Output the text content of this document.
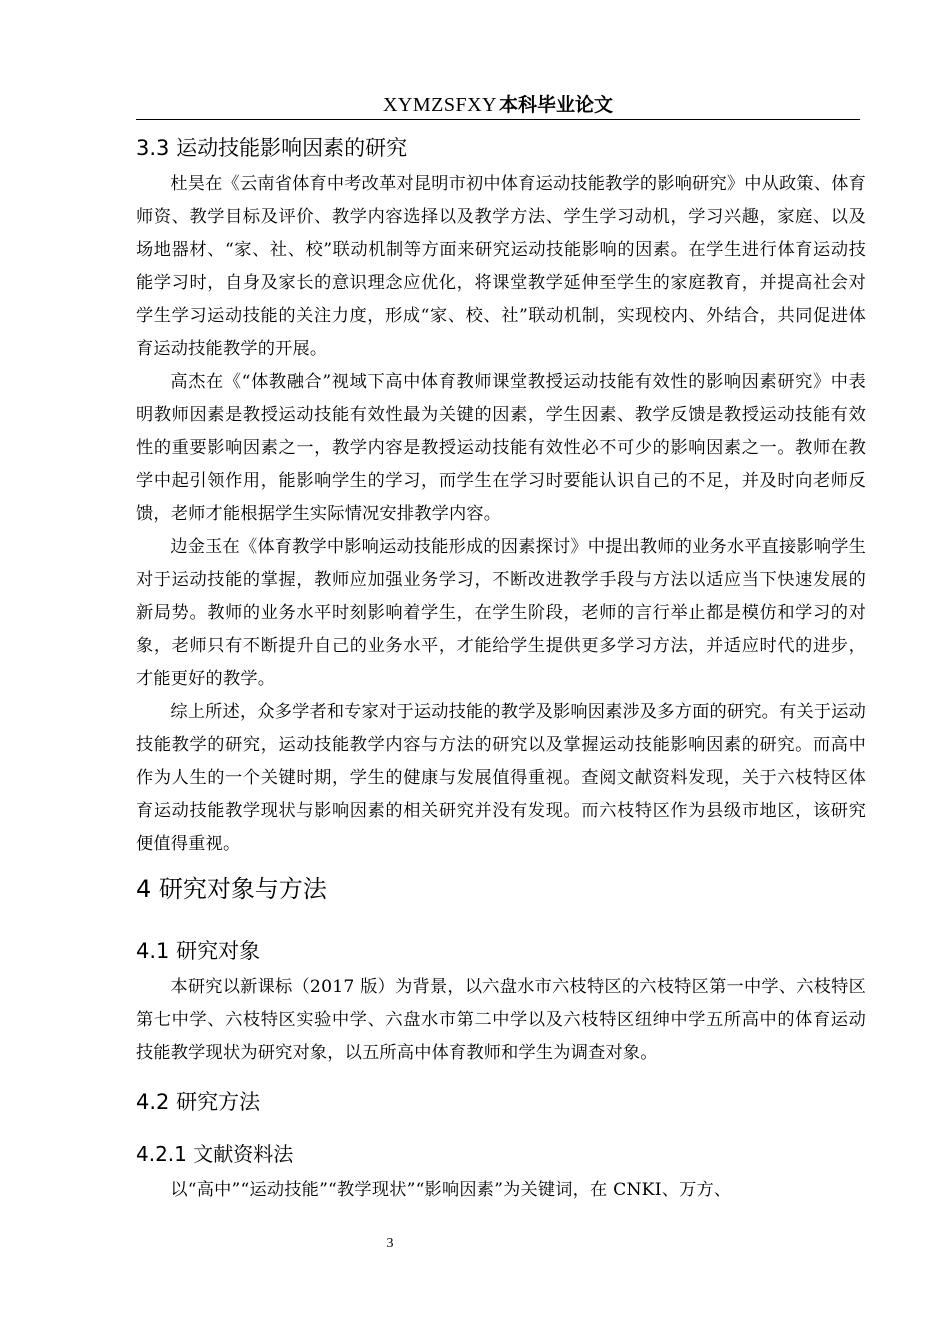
XYMZSFXY 本科毕业论文
3.3 运动技能影响因素的研究

杜昊在《云南省体育中考改革对昆明市初中体育运动技能教学的影响研究》中从政策、体育师资、教学目标及评价、教学内容选择以及教学方法、学生学习动机，学习兴趣，家庭、以及场地器材、“家、社、校”联动机制等方面来研究运动技能影响的因素。在学生进行体育运动技能学习时，自身及家长的意识理念应优化，将课堂教学延伸至学生的家庭教育，并提高社会对学生学习运动技能的关注力度，形成“家、校、社”联动机制，实现校内、外结合，共同促进体育运动技能教学的开展。

高杰在《“体教融合”视域下高中体育教师课堂教授运动技能有效性的影响因素研究》中表明教师因素是教授运动技能有效性最为关键的因素，学生因素、教学反馈是教授运动技能有效性的重要影响因素之一，教学内容是教授运动技能有效性必不可少的影响因素之一。教师在教学中起引领作用，能影响学生的学习，而学生在学习时要能认识自己的不足，并及时向老师反馈，老师才能根据学生实际情况安排教学内容。

边金玉在《体育教学中影响运动技能形成的因素探讨》中提出教师的业务水平直接影响学生对于运动技能的掌握，教师应加强业务学习，不断改进教学手段与方法以适应当下快速发展的新局势。教师的业务水平时刻影响着学生，在学生阶段，老师的言行举止都是模仿和学习的对象，老师只有不断提升自己的业务水平，才能给学生提供更多学习方法，并适应时代的进步，才能更好的教学。

综上所述，众多学者和专家对于运动技能的教学及影响因素涉及多方面的研究。有关于运动技能教学的研究，运动技能教学内容与方法的研究以及掌握运动技能影响因素的研究。而高中作为人生的一个关键时期，学生的健康与发展值得重视。查阅文献资料发现，关于六枝特区体育运动技能教学现状与影响因素的相关研究并没有发现。而六枝特区作为县级市地区，该研究便值得重视。

4 研究对象与方法
4.1 研究对象

本研究以新课标（2017 版）为背景，以六盘水市六枝特区的六枝特区第一中学、六枝特区第七中学、六枝特区实验中学、六盘水市第二中学以及六枝特区纽绅中学五所高中的体育运动技能教学现状为研究对象，以五所高中体育教师和学生为调查对象。

4.2 研究方法
4.2.1 文献资料法

以“高中”“运动技能”“教学现状”“影响因素”为关键词，在 CNKI、万方、

3
